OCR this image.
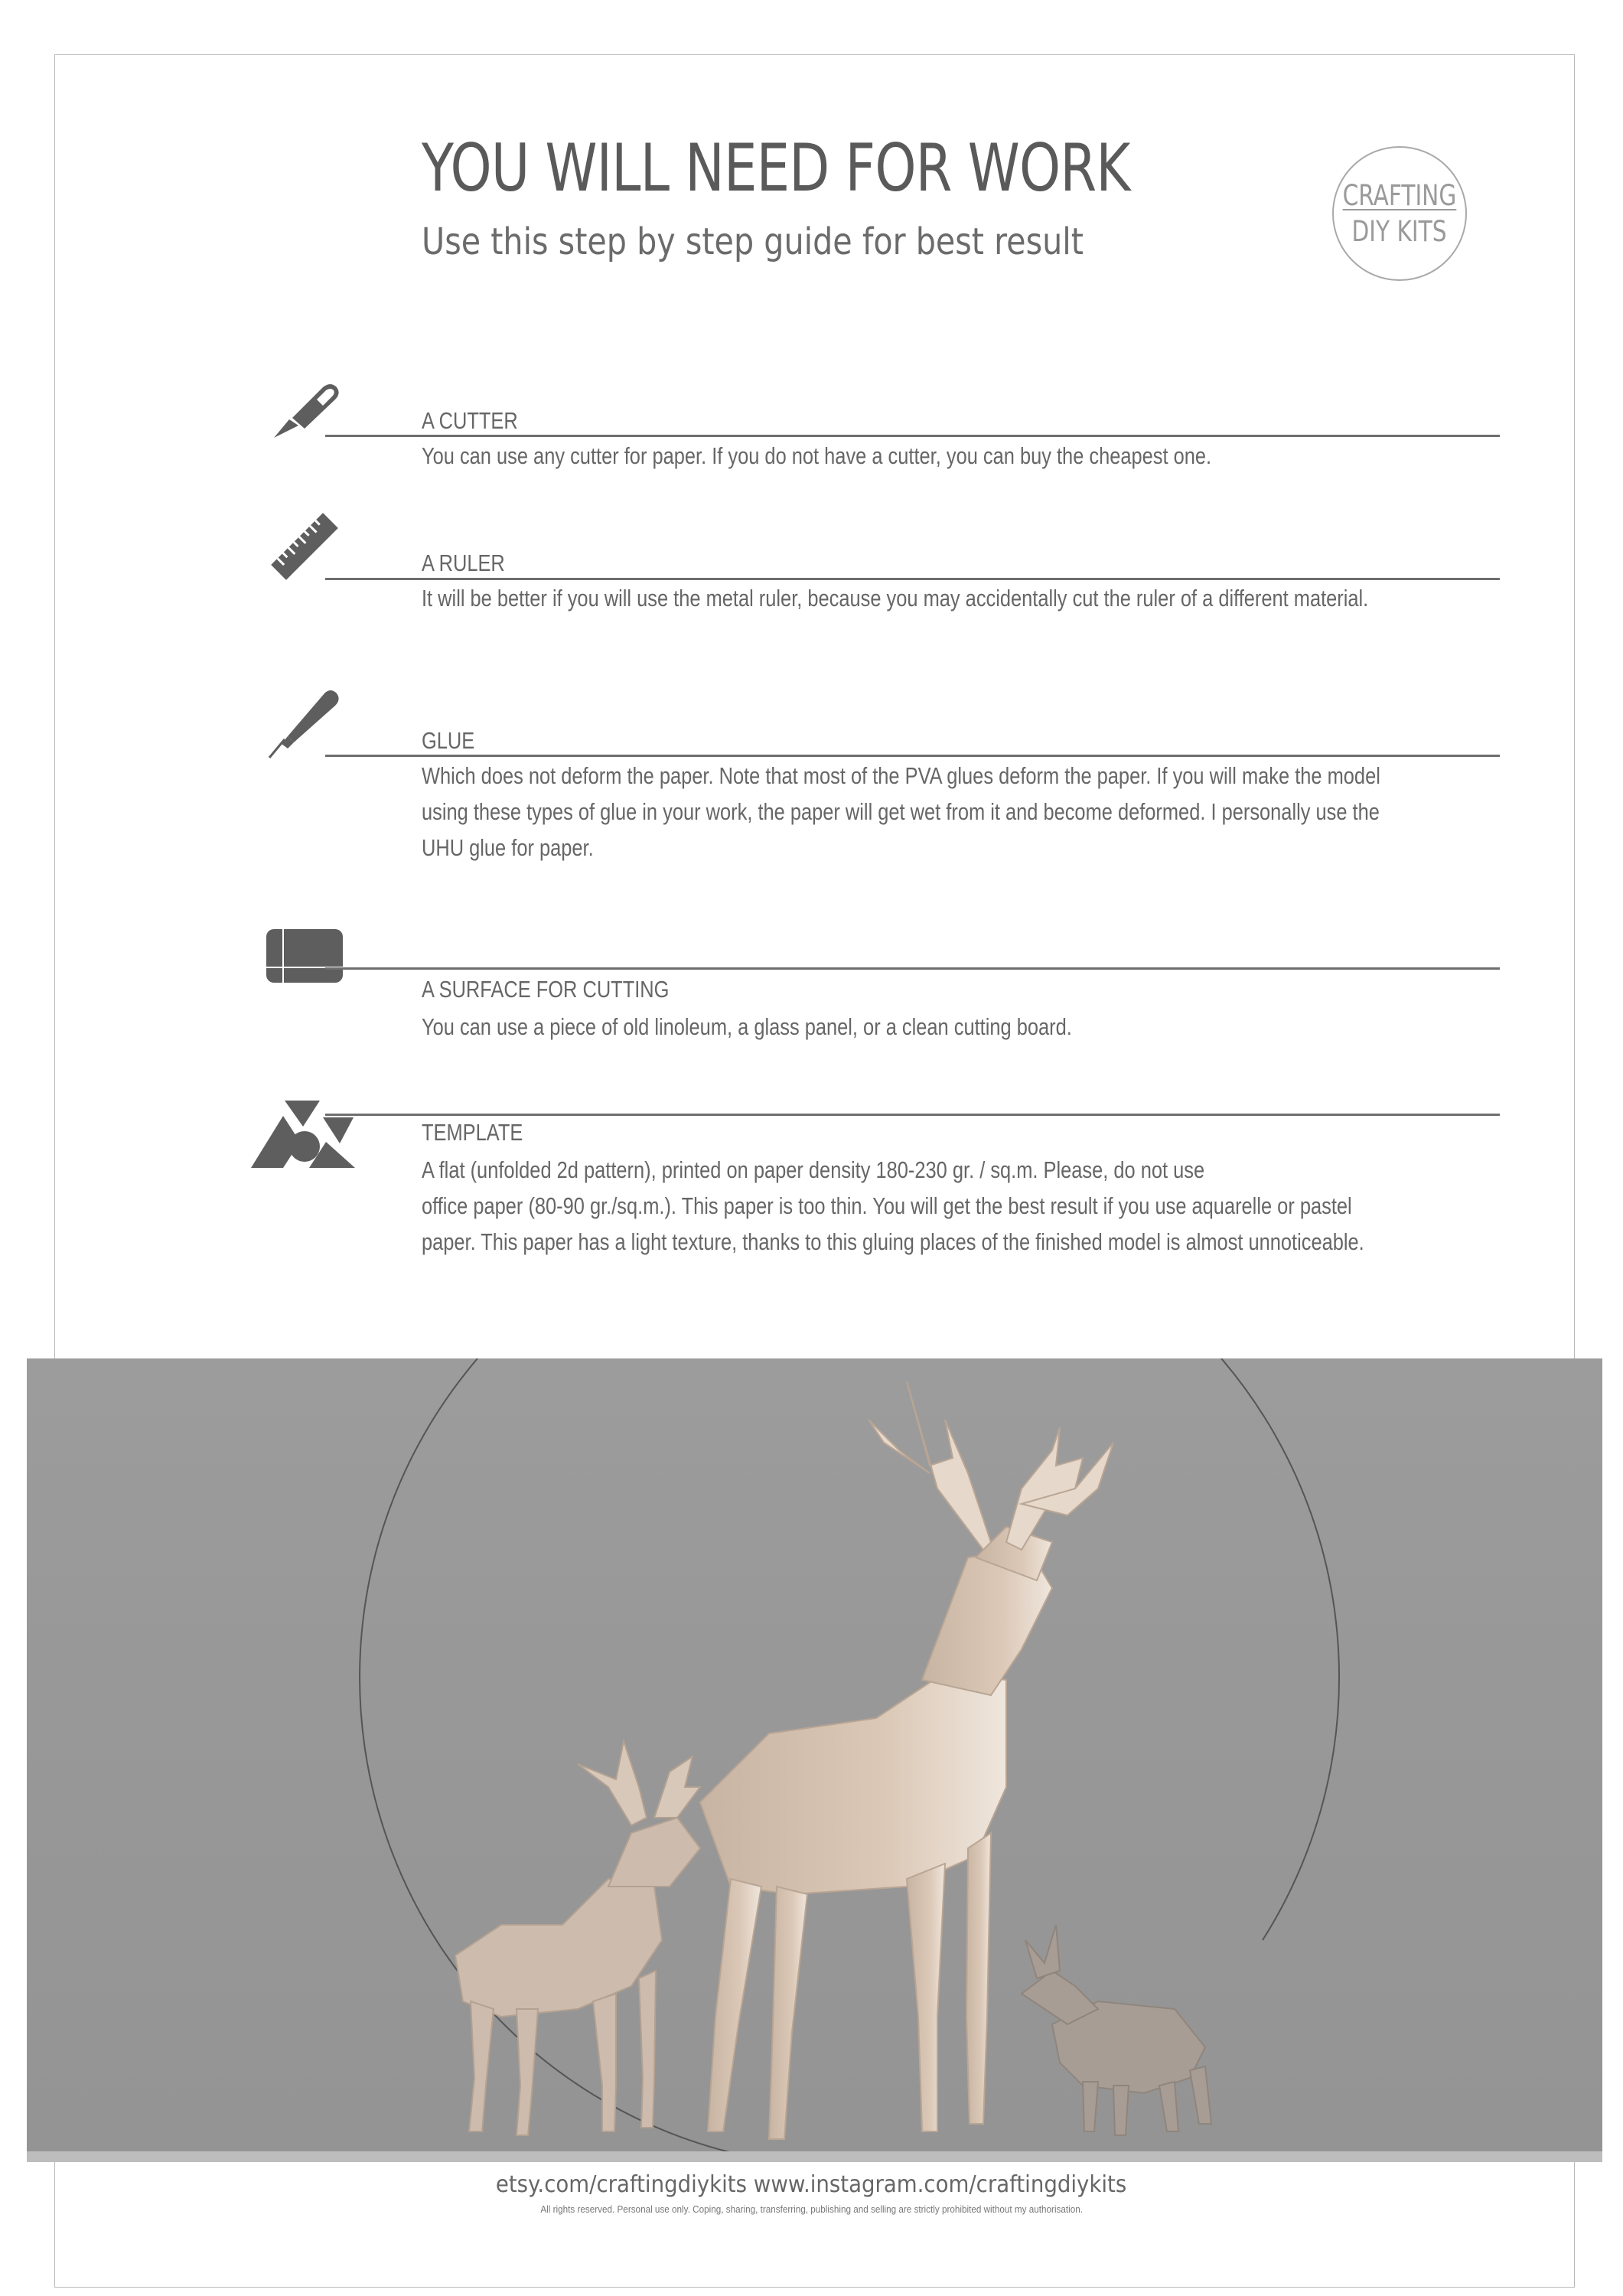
YOU WILL NEED FOR WORK
Use this step by step guide for best result
CRAFTING
DIY KITS
A CUTTER
You can use any cutter for paper. If you do not have a cutter, you can buy the cheapest one.
A RULER
It will be better if you will use the metal ruler, because you may accidentally cut the ruler of a different material.
GLUE
Which does not deform the paper. Note that most of the PVA glues deform the paper. If you will make the model
using these types of glue in your work, the paper will get wet from it and become deformed. I personally use the
UHU glue for paper.
A SURFACE FOR CUTTING
You can use a piece of old linoleum, a glass panel, or a clean cutting board.
TEMPLATE
A flat (unfolded 2d pattern), printed on paper density 180-230 gr. / sq.m. Please, do not use
office paper (80-90 gr./sq.m.). This paper is too thin. You will get the best result if you use aquarelle or pastel
paper. This paper has a light texture, thanks to this gluing places of the finished model is almost unnoticeable.
etsy.com/craftingdiykits www.instagram.com/craftingdiykits
All rights reserved. Personal use only. Coping, sharing, transferring, publishing and selling are strictly prohibited without my authorisation.
